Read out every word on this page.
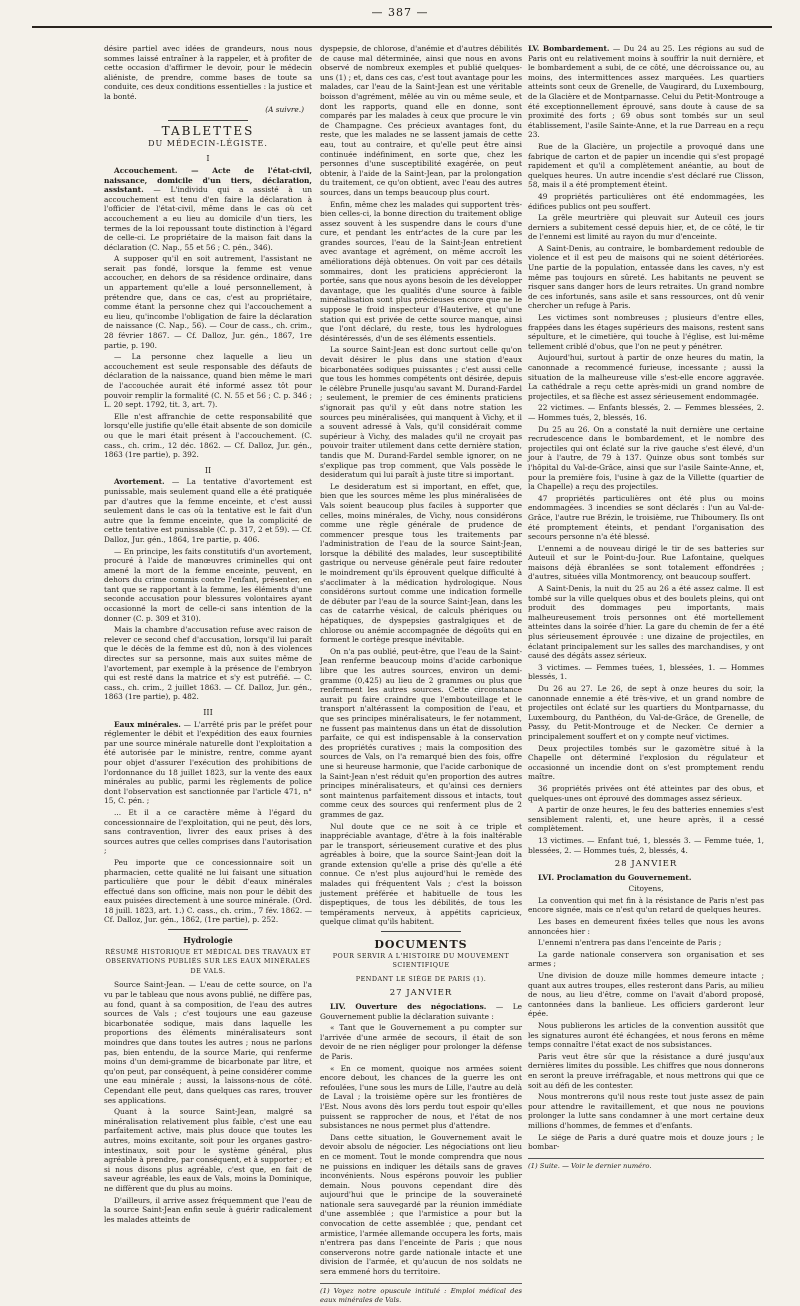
— 387 —

désire partiel avec idées de grandeurs, nous nous sommes laissé entraîner à la rappeler, et à profiter de cette occasion d'affirmer le devoir, pour le médecin aliéniste, de prendre, comme bases de toute sa conduite, ces deux conditions essentielles : la justice et la bonté.

(A suivre.)
TABLETTES
DU MÉDECIN-LÉGISTE.
I

Accouchement. — Acte de l'état-civil, naissance, domicile d'un tiers, déclaration, assistant. — L'individu qui a assisté à un accouchement est tenu d'en faire la déclaration à l'officier de l'état-civil, même dans le cas où cet accouchement a eu lieu au domicile d'un tiers, les termes de la loi repoussant toute distinction à l'égard de celle-ci. Le propriétaire de la maison fait dans la déclaration (C. Nap., 55 et 56 ; C. pén., 346).

A supposer qu'il en soit autrement, l'assistant ne serait pas fondé, lorsque la femme est venue accoucher, en dehors de sa résidence ordinaire, dans un appartement qu'elle a loué personnellement, à prétendre que, dans ce cas, c'est au propriétaire, comme étant la personne chez qui l'accouchement a eu lieu, qu'incombe l'obligation de faire la déclaration de naissance (C. Nap., 56). — Cour de cass., ch. crim., 28 février 1867. — Cf. Dalloz, Jur. gén., 1867, 1re partie, p. 190.

— La personne chez laquelle a lieu un accouchement est seule responsable des défauts de déclaration de la naissance, quand bien même le mari de l'accouchée aurait été informé assez tôt pour pouvoir remplir la formalité (C. N. 55 et 56 ; C. p. 346 ; L. 20 sept. 1792, tit. 3, art. 7).

Elle n'est affranchie de cette responsabilité que lorsqu'elle justifie qu'elle était absente de son domicile ou que le mari était présent à l'accouchement. (C. cass., ch. crim., 12 déc. 1862. — Cf. Dalloz, Jur. gén., 1863 (1re partie), p. 392.

II

Avortement. — La tentative d'avortement est punissable, mais seulement quand elle a été pratiquée par d'autres que la femme enceinte, et c'est aussi seulement dans le cas où la tentative est le fait d'un autre que la femme enceinte, que la complicité de cette tentative est punissable (C. p. 317, 2 et 59). — Cf. Dalloz, Jur. gén., 1864, 1re partie, p. 406.

— En principe, les faits constitutifs d'un avortement, procuré à l'aide de manœuvres criminelles qui ont amené la mort de la femme enceinte, peuvent, en dehors du crime commis contre l'enfant, présenter, en tant que se rapportant à la femme, les éléments d'une seconde accusation pour blessures volontaires ayant occasionné la mort de celle-ci sans intention de la donner (C. p. 309 et 310).

Mais la chambre d'accusation refuse avec raison de relever ce second chef d'accusation, lorsqu'il lui paraît que le décès de la femme est dû, non à des violences directes sur sa personne, mais aux suites même de l'avortement, par exemple à la présence de l'embryon qui est resté dans la matrice et s'y est putréfié. — C. cass., ch. crim., 2 juillet 1863. — Cf. Dalloz, Jur. gén., 1863 (1re partie), p. 482.

III

Eaux minérales. — L'arrêté pris par le préfet pour réglementer le débit et l'expédition des eaux fournies par une source minérale naturelle dont l'exploitation a été autorisée par le ministre, rentre, comme ayant pour objet d'assurer l'exécution des prohibitions de l'ordonnance du 18 juillet 1823, sur la vente des eaux minérales au public, parmi les règlements de police dont l'observation est sanctionnée par l'article 471, n° 15, C. pén. ;

... Et il a ce caractère même à l'égard du concessionnaire de l'exploitation, qui ne peut, dès lors, sans contravention, livrer des eaux prises à des sources autres que celles comprises dans l'autorisation ;

Peu importe que ce concessionnaire soit un pharmacien, cette qualité ne lui faisant une situation particulière que pour le débit d'eaux minérales effectué dans son officine, mais non pour le débit des eaux puisées directement à une source minérale. (Ord. 18 juill. 1823, art. 1.) C. cass., ch. crim., 7 fév. 1862. — Cf. Dalloz, Jur. gén., 1862, (1re partie), p. 252.

Hydrologie
RÉSUMÉ HISTORIQUE ET MÉDICAL DES TRAVAUX ET OBSERVATIONS PUBLIÉS SUR LES EAUX MINÉRALES DE VALS.

Source Saint-Jean. — L'eau de cette source, on l'a vu par le tableau que nous avons publié, ne diffère pas, au fond, quant à sa composition, de l'eau des autres sources de Vals ; c'est toujours une eau gazeuse bicarbonatée sodique, mais dans laquelle les proportions des éléments minéralisateurs sont moindres que dans toutes les autres ; nous ne parlons pas, bien entendu, de la source Marie, qui renferme moins d'un demi-gramme de bicarbonate par litre, et qu'on peut, par conséquent, à peine considérer comme une eau minérale ; aussi, la laissons-nous de côté. Cependant elle peut, dans quelques cas rares, trouver ses applications.

Quant à la source Saint-Jean, malgré sa minéralisation relativement plus faible, c'est une eau parfaitement active, mais plus douce que toutes les autres, moins excitante, soit pour les organes gastro-intestinaux, soit pour le système général, plus agréable à prendre, par conséquent, et à supporter ; et si nous disons plus agréable, c'est que, en fait de saveur agréable, les eaux de Vals, moins la Dominique, ne diffèrent que du plus au moins.

D'ailleurs, il arrive assez fréquemment que l'eau de la source Saint-Jean enfin seule à guérir radicalement les malades atteints de

dyspepsie, de chlorose, d'anémie et d'autres débilités de cause mal déterminée, ainsi que nous en avons observé de nombreux exemples et publié quelques-uns (1) ; et, dans ces cas, c'est tout avantage pour les malades, car l'eau de la Saint-Jean est une véritable boisson d'agrément, mêlée au vin ou même seule, et dont les rapports, quand elle en donne, sont comparés par les malades à ceux que procure le vin de Champagne. Ces précieux avantages font, du reste, que les malades ne se lassent jamais de cette eau, tout au contraire, et qu'elle peut être ainsi continuée indéfiniment, en sorte que, chez les personnes d'une susceptibilité exagérée, on peut obtenir, à l'aide de la Saint-Jean, par la prolongation du traitement, ce qu'on obtient, avec l'eau des autres sources, dans un temps beaucoup plus court.

Enfin, même chez les malades qui supportent très-bien celles-ci, la bonne direction du traitement oblige assez souvent à les suspendre dans le cours d'une cure, et pendant les entr'actes de la cure par les grandes sources, l'eau de la Saint-Jean entretient avec avantage et agrément, on même accroît les améliorations déjà obtenues. On voit par ces détails sommaires, dont les praticiens apprécieront la portée, sans que nous ayons besoin de les développer davantage, que les qualités d'une source à faible minéralisation sont plus précieuses encore que ne le suppose le froid inspecteur d'Hauterive, et qu'une station qui est privée de cette source manque, ainsi que l'ont déclaré, du reste, tous les hydrologues désintéressés, d'un de ses éléments essentiels.

La source Saint-Jean est donc surtout celle qu'on devait désirer le plus dans une station d'eaux bicarbonatées sodiques puissantes ; c'est aussi celle que tous les hommes compétents ont désirée, depuis le célèbre Prunelle jusqu'au savant M. Durand-Fardel ; seulement, le premier de ces éminents praticiens s'ignorait pas qu'il y eût dans notre station les sources peu minéralisées, qui manquent à Vichy, et il a souvent adressé à Vals, qu'il considérait comme supérieur à Vichy, des malades qu'il ne croyait pas pouvoir traiter utilement dans cette dernière station, tandis que M. Durand-Fardel semble ignorer, on ne s'explique pas trop comment, que Vals possède le desideratum qui lui paraît à juste titre si important.

Le desideratum est si important, en effet, que, bien que les sources même les plus minéralisées de Vals soient beaucoup plus faciles à supporter que celles, moins minérales, de Vichy, nous considérons comme une règle générale de prudence de commencer presque tous les traitements par l'administration de l'eau de la source Saint-Jean, lorsque la débilité des malades, leur susceptibilité gastrique ou nerveuse générale peut faire redouter le moindrement qu'ils éprouvent quelque difficulté à s'acclimater à la médication hydrologique. Nous considérons surtout comme une indication formelle de débuter par l'eau de la source Saint-Jean, dans les cas de catarrhe vésical, de calculs phériques ou hépatiques, de dyspepsies gastralgiques et de chlorose ou anémie accompagnée de dégoûts qui en forment le cortège presque inévitable.

On n'a pas oublié, peut-être, que l'eau de la Saint-Jean renferme beaucoup moins d'acide carbonique libre que les autres sources, environ un demi-gramme (0,425) au lieu de 2 grammes ou plus que renferment les autres sources. Cette circonstance aurait pu faire craindre que l'embouteillage et le transport n'altérassent la composition de l'eau, et que ses principes minéralisateurs, le fer notamment, ne fussent pas maintenus dans un état de dissolution parfaite, ce qui est indispensable à la conservation des propriétés curatives ; mais la composition des sources de Vals, on l'a remarqué bien des fois, offre une si heureuse harmonie, que l'acide carbonique de la Saint-Jean n'est réduit qu'en proportion des autres principes minéralisateurs, et qu'ainsi ces derniers sont maintenus parfaitement dissous et intacts, tout comme ceux des sources qui renferment plus de 2 grammes de gaz.

Nul doute que ce ne soit à ce triple et inappréciable avantage, d'être à la fois inaltérable par le transport, sérieusement curative et des plus agréables à boire, que la source Saint-Jean doit la grande extension qu'elle a prise dès qu'elle a été connue. Ce n'est plus aujourd'hui le remède des malades qui fréquentent Vals ; c'est la boisson justement préférée et habituelle de tous les dispeptiques, de tous les débilités, de tous les tempéraments nerveux, à appétits capricieux, quelque climat qu'ils habitent.

DOCUMENTS
POUR SERVIR A L'HISTOIRE DU MOUVEMENT SCIENTIFIQUE
PENDANT LE SIÉGE DE PARIS (1).
27 JANVIER

LIV. Ouverture des négociations. — Le Gouvernement publie la déclaration suivante :

« Tant que le Gouvernement a pu compter sur l'arrivée d'une armée de secours, il était de son devoir de ne rien négliger pour prolonger la défense de Paris.

« En ce moment, quoique nos armées soient encore debout, les chances de la guerre les ont refoulées, l'une sous les murs de Lille, l'autre au delà de Laval ; la troisième opère sur les frontières de l'Est. Nous avons dès lors perdu tout espoir qu'elles puissent se rapprocher de nous, et l'état de nos subsistances ne nous permet plus d'attendre.

Dans cette situation, le Gouvernement avait le devoir absolu de négocier. Les négociations ont lieu en ce moment. Tout le monde comprendra que nous ne puissions en indiquer les détails sans de graves inconvénients. Nous espérons pouvoir les publier demain. Nous pouvons cependant dire dès aujourd'hui que le principe de la souveraineté nationale sera sauvegardé par la réunion immédiate d'une assemblée ; que l'armistice a pour but la convocation de cette assemblée ; que, pendant cet armistice, l'armée allemande occupera les forts, mais n'entrera pas dans l'enceinte de Paris ; que nous conserverons notre garde nationale intacte et une division de l'armée, et qu'aucun de nos soldats ne sera emmené hors du territoire.

(1) Voyez notre opuscule intitulé : Emploi médical des eaux minérales de Vals.

LV. Bombardement. — Du 24 au 25. Les régions au sud de Paris ont eu relativement moins à souffrir la nuit dernière, et le bombardement a subi, de ce côté, une décroissance ou, au moins, des intermittences assez marquées. Les quartiers atteints sont ceux de Grenelle, de Vaugirard, du Luxembourg, de la Glacière et de Montparnasse. Celui du Petit-Montrouge a été exceptionnellement éprouvé, sans doute à cause de sa proximité des forts ; 69 obus sont tombés sur un seul établissement, l'asile Sainte-Anne, et la rue Darreau en a reçu 23.

Rue de la Glacière, un projectile a provoqué dans une fabrique de carton et de papier un incendie qui s'est propagé rapidement et qu'il a complètement anéantie, au bout de quelques heures. Un autre incendie s'est déclaré rue Clisson, 58, mais il a été promptement éteint.

49 propriétés particulières ont été endommagées, les édifices publics ont peu souffert.

La grêle meurtrière qui pleuvait sur Auteuil ces jours derniers a subitement cessé depuis hier, et, de ce côté, le tir de l'ennemi est limité au rayon du mur d'enceinte.

A Saint-Denis, au contraire, le bombardement redouble de violence et il est peu de maisons qui ne soient détériorées. Une partie de la population, entassée dans les caves, n'y est même pas toujours en sûreté. Les habitants ne peuvent se risquer sans danger hors de leurs retraites. Un grand nombre de ces infortunés, sans asile et sans ressources, ont dû venir chercher un refuge à Paris.

Les victimes sont nombreuses ; plusieurs d'entre elles, frappées dans les étages supérieurs des maisons, restent sans sépulture, et le cimetière, qui touche à l'église, est lui-même tellement criblé d'obus, que l'on ne peut y pénétrer.

Aujourd'hui, surtout à partir de onze heures du matin, la canonnade a recommencé furieuse, incessante ; aussi la situation de la malheureuse ville s'est-elle encore aggravée. La cathédrale a reçu cette après-midi un grand nombre de projectiles, et sa flèche est assez sérieusement endommagée.

22 victimes. — Enfants blessés, 2. — Femmes blessées, 2. — Hommes tués, 2, blessés, 16.

Du 25 au 26. On a constaté la nuit dernière une certaine recrudescence dans le bombardement, et le nombre des projectiles qui ont éclaté sur la rive gauche s'est élevé, d'un jour à l'autre, de 79 à 137. Quinze obus sont tombés sur l'hôpital du Val-de-Grâce, ainsi que sur l'asile Sainte-Anne, et, pour la première fois, l'usine à gaz de la Villette (quartier de la Chapelle) a reçu des projectiles.

47 propriétés particulières ont été plus ou moins endommagées. 3 incendies se sont déclarés : l'un au Val-de-Grâce, l'autre rue Brézin, le troisième, rue Thiboumery. Ils ont été promptement éteints, et pendant l'organisation des secours personne n'a été blessé.

L'ennemi a de nouveau dirigé le tir de ses batteries sur Auteuil et sur le Point-du-Jour. Rue Lafontaine, quelques maisons déjà ébranlées se sont totalement effondrées ; d'autres, situées villa Montmorency, ont beaucoup souffert.

A Saint-Denis, la nuit du 25 au 26 a été assez calme. Il est tombé sur la ville quelques obus et des boulets pleins, qui ont produit des dommages peu importants, mais malheureusement trois personnes ont été mortellement atteintes dans la soirée d'hier. La gare du chemin de fer a été plus sérieusement éprouvée : une dizaine de projectiles, en éclatant principalement sur les salles des marchandises, y ont causé des dégâts assez sérieux.

3 victimes. — Femmes tuées, 1, blessées, 1. — Hommes blessés, 1.

Du 26 au 27. Le 26, de sept à onze heures du soir, la canonnade ennemie a été très-vive, et un grand nombre de projectiles ont éclaté sur les quartiers du Montparnasse, du Luxembourg, du Panthéon, du Val-de-Grâce, de Grenelle, de Passy, du Petit-Montrouge et de Necker. Ce dernier a principalement souffert et on y compte neuf victimes.

Deux projectiles tombés sur le gazomètre situé à la Chapelle ont déterminé l'explosion du régulateur et occasionné un incendie dont on s'est promptement rendu maître.

36 propriétés privées ont été atteintes par des obus, et quelques-unes ont éprouvé des dommages assez sérieux.

A partir de onze heures, le feu des batteries ennemies s'est sensiblement ralenti, et, une heure après, il a cessé complètement.

13 victimes. — Enfant tué, 1, blessés 3. — Femme tuée, 1, blessées, 2. — Hommes tués, 2, blessés, 4.

28 JANVIER

LVI. Proclamation du Gouvernement.

Citoyens,

La convention qui met fin à la résistance de Paris n'est pas encore signée, mais ce n'est qu'un retard de quelques heures.

Les bases en demeurent fixées telles que nous les avons annoncées hier :

L'ennemi n'entrera pas dans l'enceinte de Paris ;

La garde nationale conservera son organisation et ses armes ;

Une division de douze mille hommes demeure intacte ; quant aux autres troupes, elles resteront dans Paris, au milieu de nous, au lieu d'être, comme on l'avait d'abord proposé, cantonnées dans la banlieue. Les officiers garderont leur épée.

Nous publierons les articles de la convention aussitôt que les signatures auront été échangées, et nous ferons en même temps connaître l'état exact de nos subsistances.

Paris veut être sûr que la résistance a duré jusqu'aux dernières limites du possible. Les chiffres que nous donnerons en seront la preuve irréfragable, et nous mettrons qui que ce soit au défi de les contester.

Nous montrerons qu'il nous reste tout juste assez de pain pour attendre le ravitaillement, et que nous ne pouvions prolonger la lutte sans condamner à une mort certaine deux millions d'hommes, de femmes et d'enfants.

Le siége de Paris a duré quatre mois et douze jours ; le bombar-

(1) Suite. — Voir le dernier numéro.
